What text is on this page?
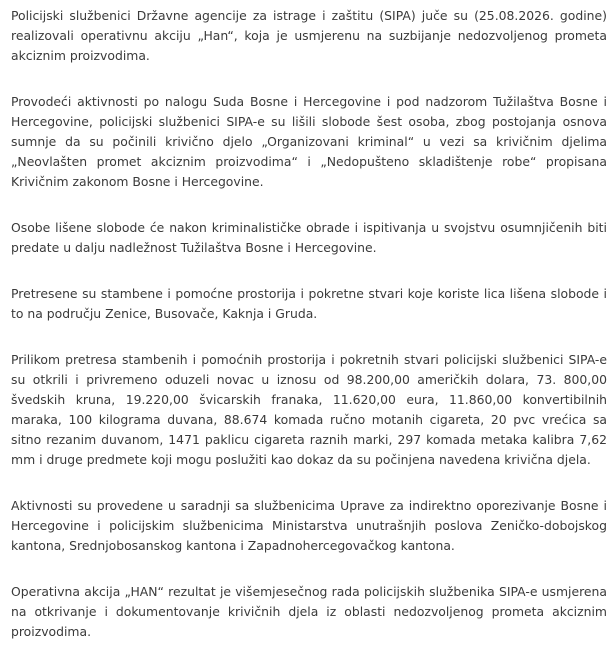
Policijski službenici Državne agencije za istrage i zaštitu (SIPA) juče su (25.08.2026. godine) realizovali operativnu akciju „Han“, koja je usmjerenu na suzbijanje nedozvoljenog prometa akciznim proizvodima.

Provodeći aktivnosti po nalogu Suda Bosne i Hercegovine i pod nadzorom Tužilaštva Bosne i Hercegovine, policijski službenici SIPA-e su lišili slobode šest osoba, zbog postojanja osnova sumnje da su počinili krivično djelo „Organizovani kriminal“ u vezi sa krivičnim djelima „Neovlašten promet akciznim proizvodima“ i „Nedopušteno skladištenje robe“ propisana Krivičnim zakonom Bosne i Hercegovine.

Osobe lišene slobode će nakon kriminalističke obrade i ispitivanja u svojstvu osumnjičenih biti predate u dalju nadležnost Tužilaštva Bosne i Hercegovine.

Pretresene su stambene i pomoćne prostorija i pokretne stvari koje koriste lica lišena slobode i to na području Zenice, Busovače, Kaknja i Gruda.

Prilikom pretresa stambenih i pomoćnih prostorija i pokretnih stvari policijski službenici SIPA-e su otkrili i privremeno oduzeli novac u iznosu od 98.200,00 američkih dolara, 73. 800,00 švedskih kruna, 19.220,00 švicarskih franaka, 11.620,00 eura, 11.860,00 konvertibilnih maraka, 100 kilograma duvana, 88.674 komada ručno motanih cigareta, 20 pvc vrećica sa sitno rezanim duvanom, 1471 paklicu cigareta raznih marki, 297 komada metaka kalibra 7,62 mm i druge predmete koji mogu poslužiti kao dokaz da su počinjena navedena krivična djela.

Aktivnosti su provedene u saradnji sa službenicima Uprave za indirektno oporezivanje Bosne i Hercegovine i policijskim službenicima Ministarstva unutrašnjih poslova Zeničko-dobojskog kantona, Srednjobosanskog kantona i Zapadnohercegovačkog kantona.

Operativna akcija „HAN“ rezultat je višemjesečnog rada policijskih službenika SIPA-e usmjerena na otkrivanje i dokumentovanje krivičnih djela iz oblasti nedozvoljenog prometa akciznim proizvodima.
